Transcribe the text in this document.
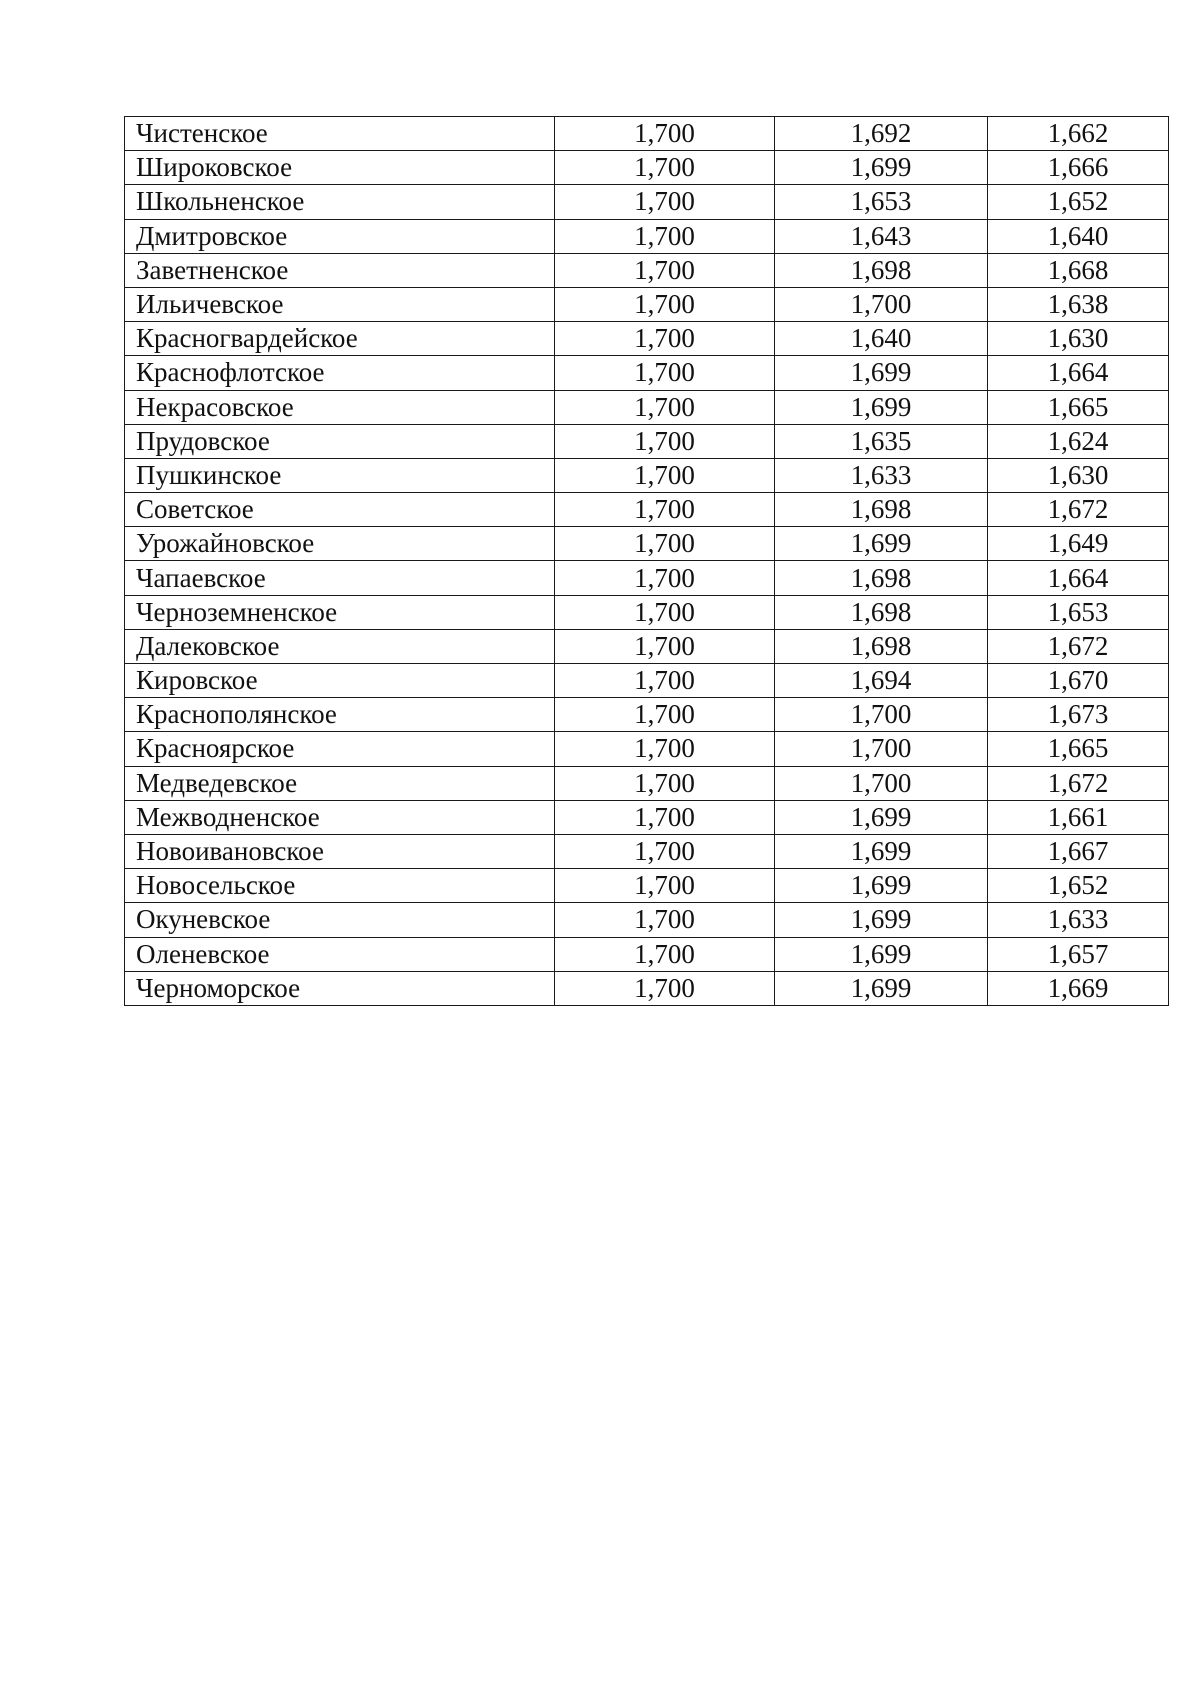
Чистенское	1,700	1,692	1,662
Широковское	1,700	1,699	1,666
Школьненское	1,700	1,653	1,652
Дмитровское	1,700	1,643	1,640
Заветненское	1,700	1,698	1,668
Ильичевское	1,700	1,700	1,638
Красногвардейское	1,700	1,640	1,630
Краснофлотское	1,700	1,699	1,664
Некрасовское	1,700	1,699	1,665
Прудовское	1,700	1,635	1,624
Пушкинское	1,700	1,633	1,630
Советское	1,700	1,698	1,672
Урожайновское	1,700	1,699	1,649
Чапаевское	1,700	1,698	1,664
Черноземненское	1,700	1,698	1,653
Далековское	1,700	1,698	1,672
Кировское	1,700	1,694	1,670
Краснополянское	1,700	1,700	1,673
Красноярское	1,700	1,700	1,665
Медведевское	1,700	1,700	1,672
Межводненское	1,700	1,699	1,661
Новоивановское	1,700	1,699	1,667
Новосельское	1,700	1,699	1,652
Окуневское	1,700	1,699	1,633
Оленевское	1,700	1,699	1,657
Черноморское	1,700	1,699	1,669
